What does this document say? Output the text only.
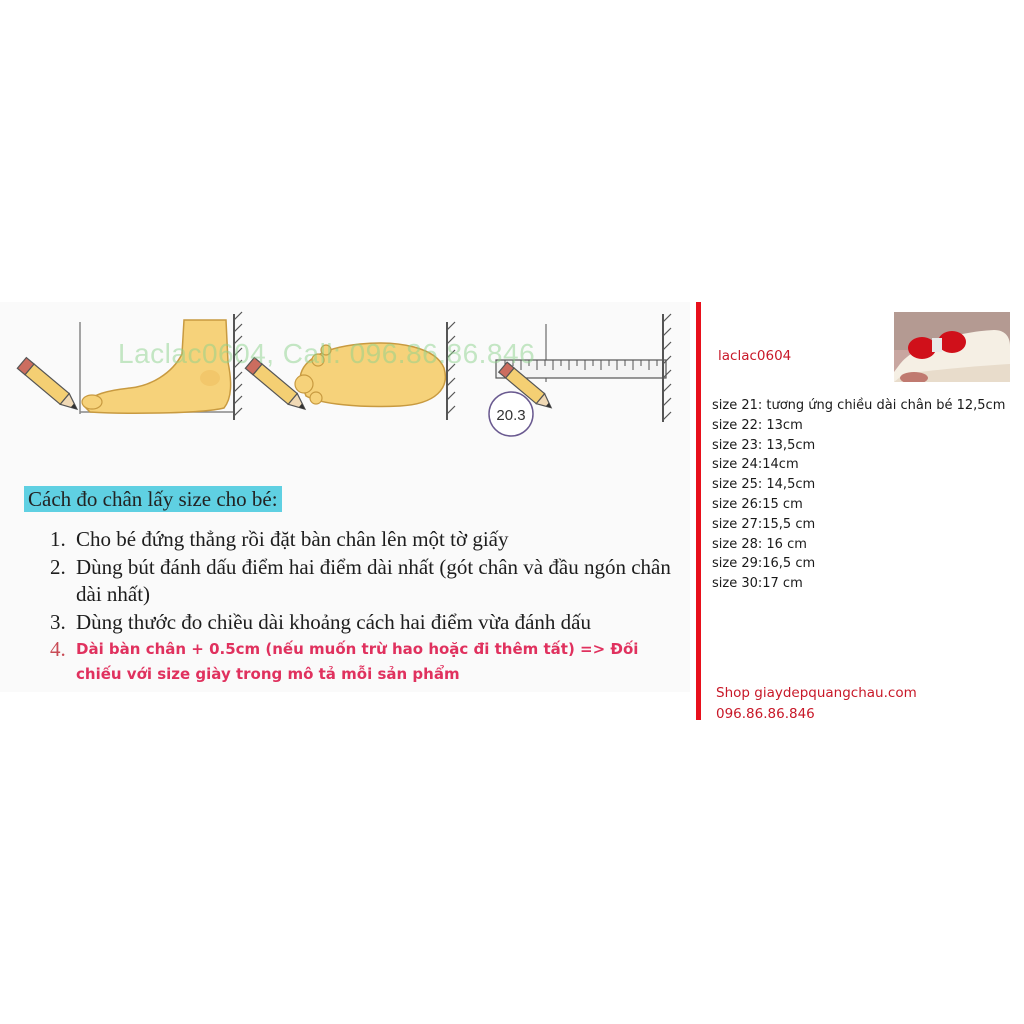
20.3
Laclac0604, Call: 096.86.86.846
Cách đo chân lấy size cho bé:
1. Cho bé đứng thẳng rồi đặt bàn chân lên một tờ giấy
2. Dùng bút đánh dấu điểm hai điểm dài nhất (gót chân và đầu ngón chân dài nhất)
3. Dùng thước đo chiều dài khoảng cách hai điểm vừa đánh dấu
4. Dài bàn chân + 0.5cm (nếu muốn trừ hao hoặc đi thêm tất) => Đối chiếu với size giày trong mô tả mỗi sản phẩm
laclac0604
size 21: tương ứng chiều dài chân bé 12,5cm
size 22: 13cm
size 23: 13,5cm
size 24:14cm
size 25: 14,5cm
size 26:15 cm
size 27:15,5 cm
size 28: 16 cm
size 29:16,5 cm
size 30:17 cm
Shop giaydepquangchau.com
096.86.86.846
